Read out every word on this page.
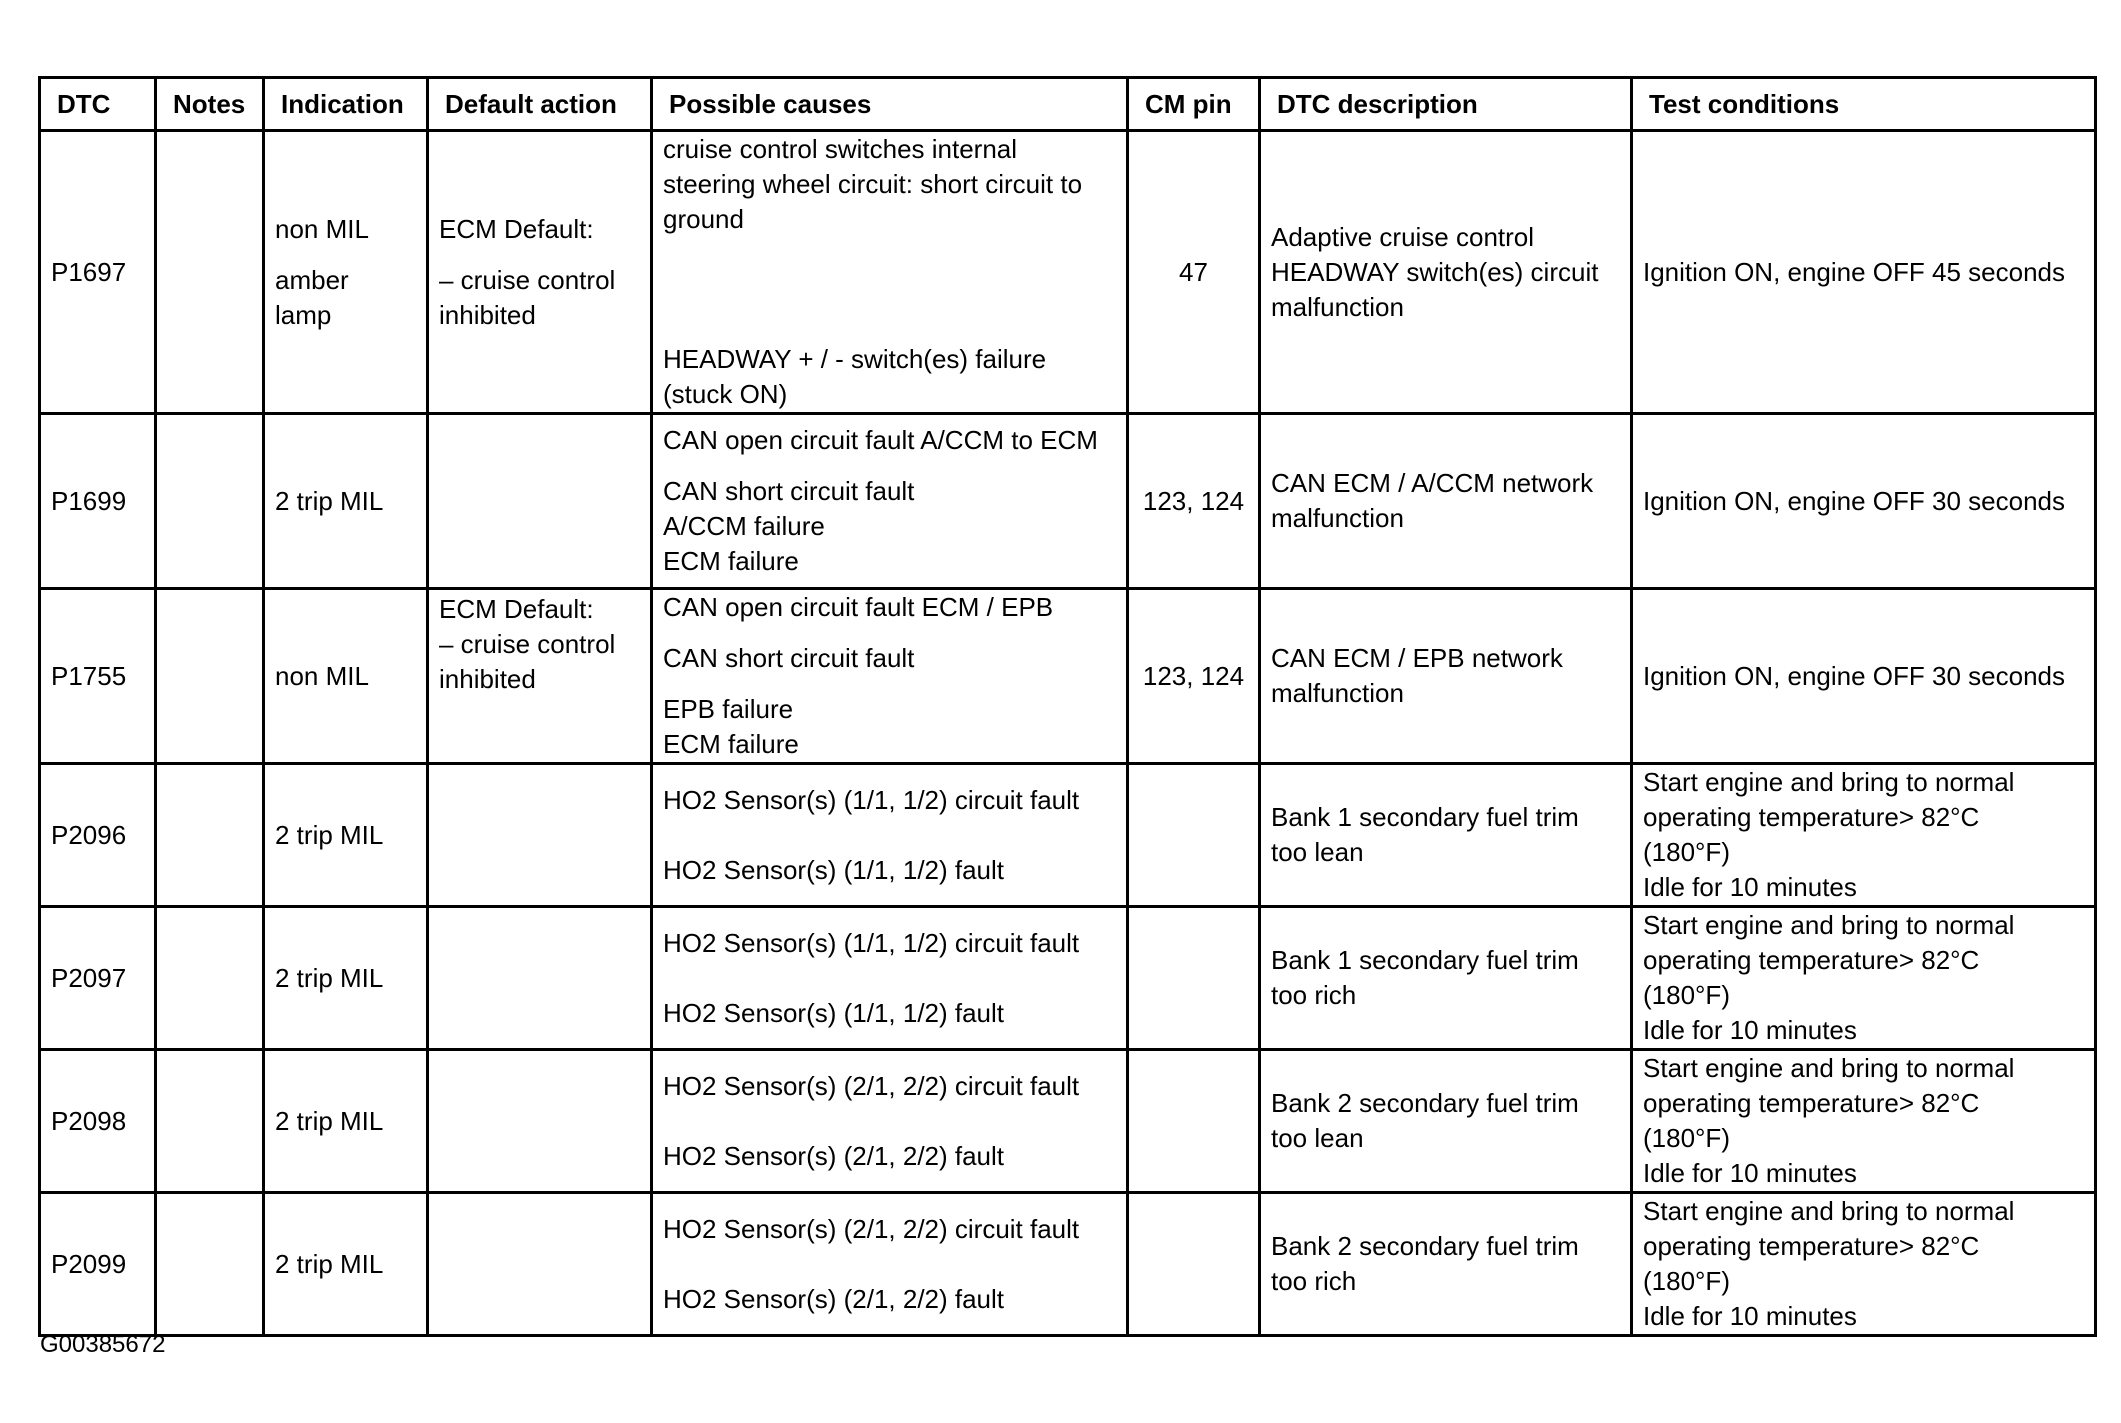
DTC	Notes	Indication	Default action	Possible causes	CM pin	DTC description	Test conditions
P1697		non MIL
amber
lamp	ECM Default:
– cruise control
inhibited	cruise control switches internal
steering wheel circuit: short circuit to
ground
HEADWAY + / - switch(es) failure
(stuck ON)	47	Adaptive cruise control
HEADWAY switch(es) circuit
malfunction	Ignition ON, engine OFF 45 seconds

P1699		2 trip MIL		CAN open circuit fault A/CCM to ECM
CAN short circuit fault
A/CCM failure
ECM failure	123, 124	CAN ECM / A/CCM network
malfunction	Ignition ON, engine OFF 30 seconds

P1755		non MIL	ECM Default:
– cruise control
inhibited	CAN open circuit fault ECM / EPB
CAN short circuit fault
EPB failure
ECM failure	123, 124	CAN ECM / EPB network
malfunction	Ignition ON, engine OFF 30 seconds

P2096		2 trip MIL		HO2 Sensor(s) (1/1, 1/2) circuit fault
HO2 Sensor(s) (1/1, 1/2) fault		Bank 1 secondary fuel trim
too lean	Start engine and bring to normal
operating temperature> 82°C
(180°F)
Idle for 10 minutes

P2097		2 trip MIL		HO2 Sensor(s) (1/1, 1/2) circuit fault
HO2 Sensor(s) (1/1, 1/2) fault		Bank 1 secondary fuel trim
too rich	Start engine and bring to normal
operating temperature> 82°C
(180°F)
Idle for 10 minutes

P2098		2 trip MIL		HO2 Sensor(s) (2/1, 2/2) circuit fault
HO2 Sensor(s) (2/1, 2/2) fault		Bank 2 secondary fuel trim
too lean	Start engine and bring to normal
operating temperature> 82°C
(180°F)
Idle for 10 minutes

P2099		2 trip MIL		HO2 Sensor(s) (2/1, 2/2) circuit fault
HO2 Sensor(s) (2/1, 2/2) fault		Bank 2 secondary fuel trim
too rich	Start engine and bring to normal
operating temperature> 82°C
(180°F)
Idle for 10 minutes
G00385672
